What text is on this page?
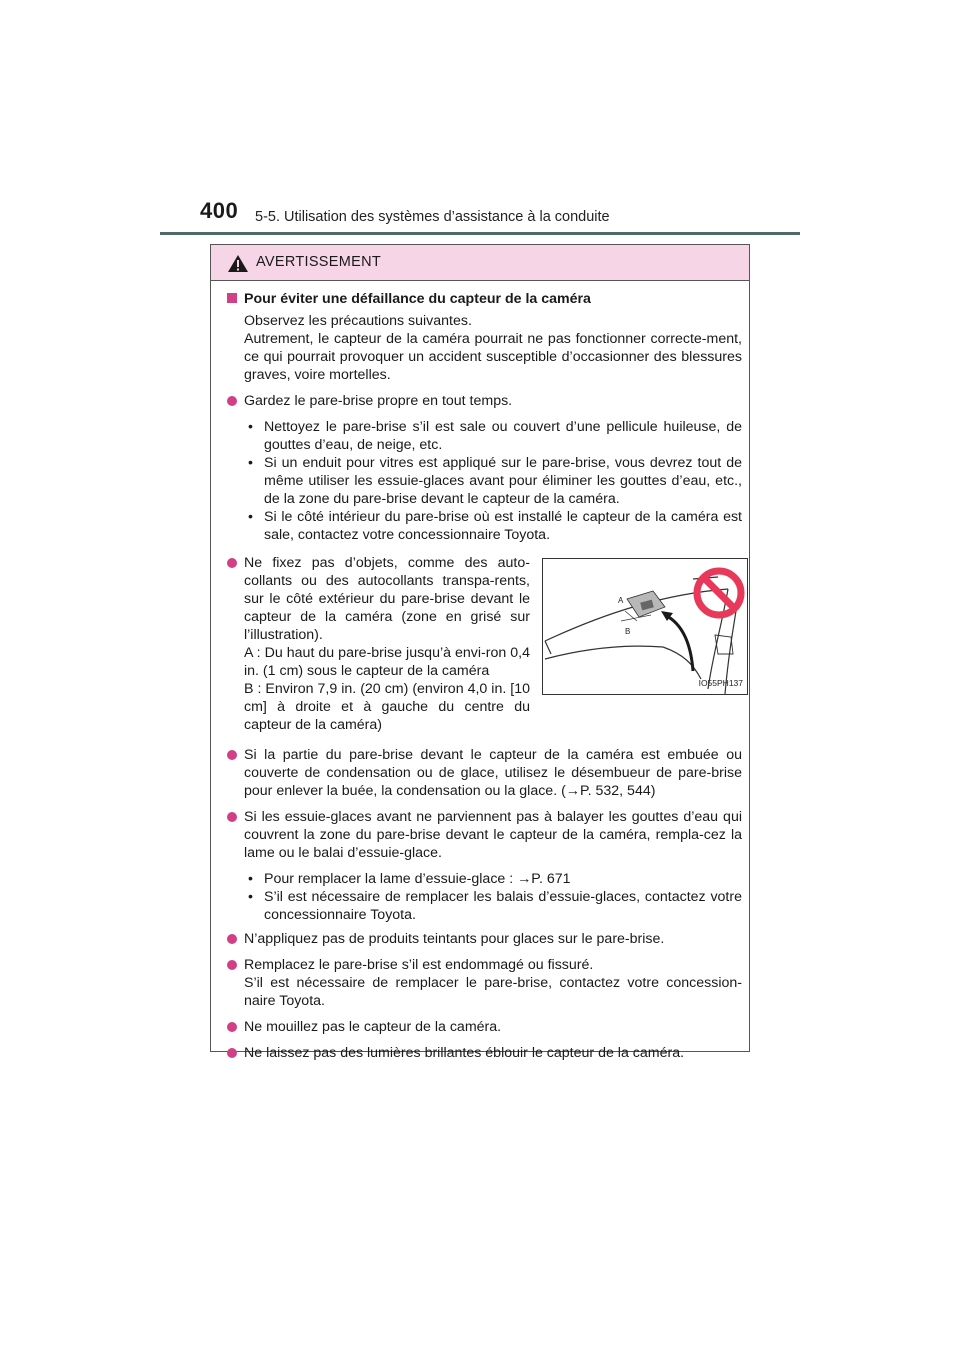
400 5-5. Utilisation des systèmes d’assistance à la conduite
AVERTISSEMENT

Pour éviter une défaillance du capteur de la caméra

Observez les précautions suivantes.

Autrement, le capteur de la caméra pourrait ne pas fonctionner correcte-ment, ce qui pourrait provoquer un accident susceptible d’occasionner des blessures graves, voire mortelles.

Gardez le pare-brise propre en tout temps.

• Nettoyez le pare-brise s’il est sale ou couvert d’une pellicule huileuse, de gouttes d’eau, de neige, etc.

• Si un enduit pour vitres est appliqué sur le pare-brise, vous devrez tout de même utiliser les essuie-glaces avant pour éliminer les gouttes d’eau, etc., de la zone du pare-brise devant le capteur de la caméra.

• Si le côté intérieur du pare-brise où est installé le capteur de la caméra est sale, contactez votre concessionnaire Toyota.

Ne fixez pas d’objets, comme des auto-collants ou des autocollants transpa-rents, sur le côté extérieur du pare-brise devant le capteur de la caméra (zone en grisé sur l’illustration).

A : Du haut du pare-brise jusqu’à envi-ron 0,4 in. (1 cm) sous le capteur de la caméra

B : Environ 7,9 in. (20 cm) (environ 4,0 in. [10 cm] à droite et à gauche du centre du capteur de la caméra)

A
B
IO55PH137

Si la partie du pare-brise devant le capteur de la caméra est embuée ou couverte de condensation ou de glace, utilisez le désembueur de pare-brise pour enlever la buée, la condensation ou la glace. (→P. 532, 544)

Si les essuie-glaces avant ne parviennent pas à balayer les gouttes d’eau qui couvrent la zone du pare-brise devant le capteur de la caméra, rempla-cez la lame ou le balai d’essuie-glace.

• Pour remplacer la lame d’essuie-glace : →P. 671

• S’il est nécessaire de remplacer les balais d’essuie-glaces, contactez votre concessionnaire Toyota.

N’appliquez pas de produits teintants pour glaces sur le pare-brise.

Remplacez le pare-brise s’il est endommagé ou fissuré.

S’il est nécessaire de remplacer le pare-brise, contactez votre concession-naire Toyota.

Ne mouillez pas le capteur de la caméra.

Ne laissez pas des lumières brillantes éblouir le capteur de la caméra.
